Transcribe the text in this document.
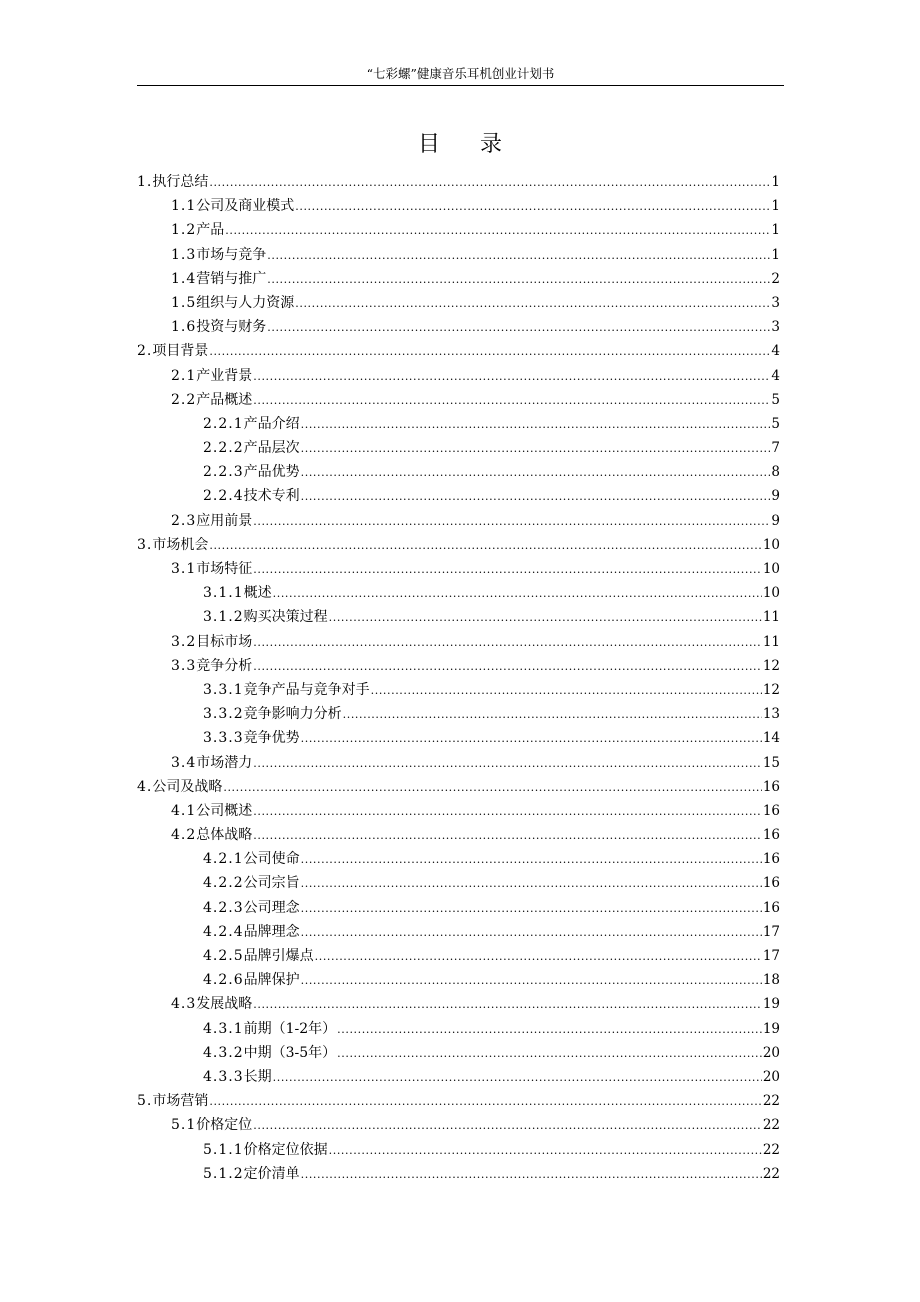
“七彩螺”健康音乐耳机创业计划书
目录
1. 执行总结 .....	1
1.1 公司及商业模式 .....	1
1.2 产品 .....	1
1.3 市场与竞争 .....	1
1.4 营销与推广 .....	2
1.5 组织与人力资源 .....	3
1.6 投资与财务 .....	3
2. 项目背景 .....	4
2.1 产业背景 .....	4
2.2 产品概述 .....	5
2.2.1 产品介绍 .....	5
2.2.2 产品层次 .....	7
2.2.3 产品优势 .....	8
2.2.4 技术专利 .....	9
2.3 应用前景 .....	9
3. 市场机会 .....	10
3.1 市场特征 .....	10
3.1.1 概述 .....	10
3.1.2 购买决策过程 .....	11
3.2 目标市场 .....	11
3.3 竞争分析 .....	12
3.3.1 竞争产品与竞争对手 .....	12
3.3.2 竞争影响力分析 .....	13
3.3.3 竞争优势 .....	14
3.4 市场潜力 .....	15
4. 公司及战略 .....	16
4.1 公司概述 .....	16
4.2 总体战略 .....	16
4.2.1 公司使命 .....	16
4.2.2 公司宗旨 .....	16
4.2.3 公司理念 .....	16
4.2.4 品牌理念 .....	17
4.2.5 品牌引爆点 .....	17
4.2.6 品牌保护 .....	18
4.3 发展战略 .....	19
4.3.1 前期（1-2年） .....	19
4.3.2 中期（3-5年） .....	20
4.3.3 长期 .....	20
5. 市场营销 .....	22
5.1 价格定位 .....	22
5.1.1 价格定位依据 .....	22
5.1.2 定价清单 .....	22
